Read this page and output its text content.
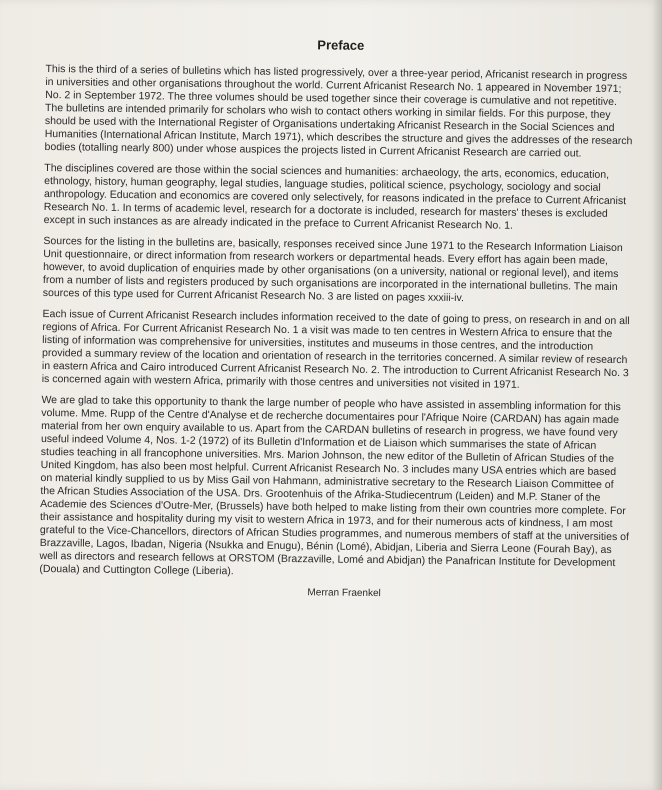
Preface

This is the third of a series of bulletins which has listed progressively, over a three-year period, Africanist research in progress in universities and other organisations throughout the world. Current Africanist Research No. 1 appeared in November 1971; No. 2 in September 1972. The three volumes should be used together since their coverage is cumulative and not repetitive. The bulletins are intended primarily for scholars who wish to contact others working in similar fields. For this purpose, they should be used with the International Register of Organisations undertaking Africanist Research in the Social Sciences and Humanities (International African Institute, March 1971), which describes the structure and gives the addresses of the research bodies (totalling nearly 800) under whose auspices the projects listed in Current Africanist Research are carried out.

The disciplines covered are those within the social sciences and humanities: archaeology, the arts, economics, education, ethnology, history, human geography, legal studies, language studies, political science, psychology, sociology and social anthropology. Education and economics are covered only selectively, for reasons indicated in the preface to Current Africanist Research No. 1. In terms of academic level, research for a doctorate is included, research for masters' theses is excluded except in such instances as are already indicated in the preface to Current Africanist Research No. 1.

Sources for the listing in the bulletins are, basically, responses received since June 1971 to the Research Information Liaison Unit questionnaire, or direct information from research workers or departmental heads. Every effort has again been made, however, to avoid duplication of enquiries made by other organisations (on a university, national or regional level), and items from a number of lists and registers produced by such organisations are incorporated in the international bulletins. The main sources of this type used for Current Africanist Research No. 3 are listed on pages xxxiii-iv.

Each issue of Current Africanist Research includes information received to the date of going to press, on research in and on all regions of Africa. For Current Africanist Research No. 1 a visit was made to ten centres in Western Africa to ensure that the listing of information was comprehensive for universities, institutes and museums in those centres, and the introduction provided a summary review of the location and orientation of research in the territories concerned. A similar review of research in eastern Africa and Cairo introduced Current Africanist Research No. 2. The introduction to Current Africanist Research No. 3 is concerned again with western Africa, primarily with those centres and universities not visited in 1971.

We are glad to take this opportunity to thank the large number of people who have assisted in assembling information for this volume. Mme. Rupp of the Centre d'Analyse et de recherche documentaires pour l'Afrique Noire (CARDAN) has again made material from her own enquiry available to us. Apart from the CARDAN bulletins of research in progress, we have found very useful indeed Volume 4, Nos. 1-2 (1972) of its Bulletin d'Information et de Liaison which summarises the state of African studies teaching in all francophone universities. Mrs. Marion Johnson, the new editor of the Bulletin of African Studies of the United Kingdom, has also been most helpful. Current Africanist Research No. 3 includes many USA entries which are based on material kindly supplied to us by Miss Gail von Hahmann, administrative secretary to the Research Liaison Committee of the African Studies Association of the USA. Drs. Grootenhuis of the Afrika-Studiecentrum (Leiden) and M.P. Staner of the Academie des Sciences d'Outre-Mer, (Brussels) have both helped to make listing from their own countries more complete. For their assistance and hospitality during my visit to western Africa in 1973, and for their numerous acts of kindness, I am most grateful to the Vice-Chancellors, directors of African Studies programmes, and numerous members of staff at the universities of Brazzaville, Lagos, Ibadan, Nigeria (Nsukka and Enugu), Bénin (Lomé), Abidjan, Liberia and Sierra Leone (Fourah Bay), as well as directors and research fellows at ORSTOM (Brazzaville, Lomé and Abidjan) the Panafrican Institute for Development (Douala) and Cuttington College (Liberia).

Merran Fraenkel
